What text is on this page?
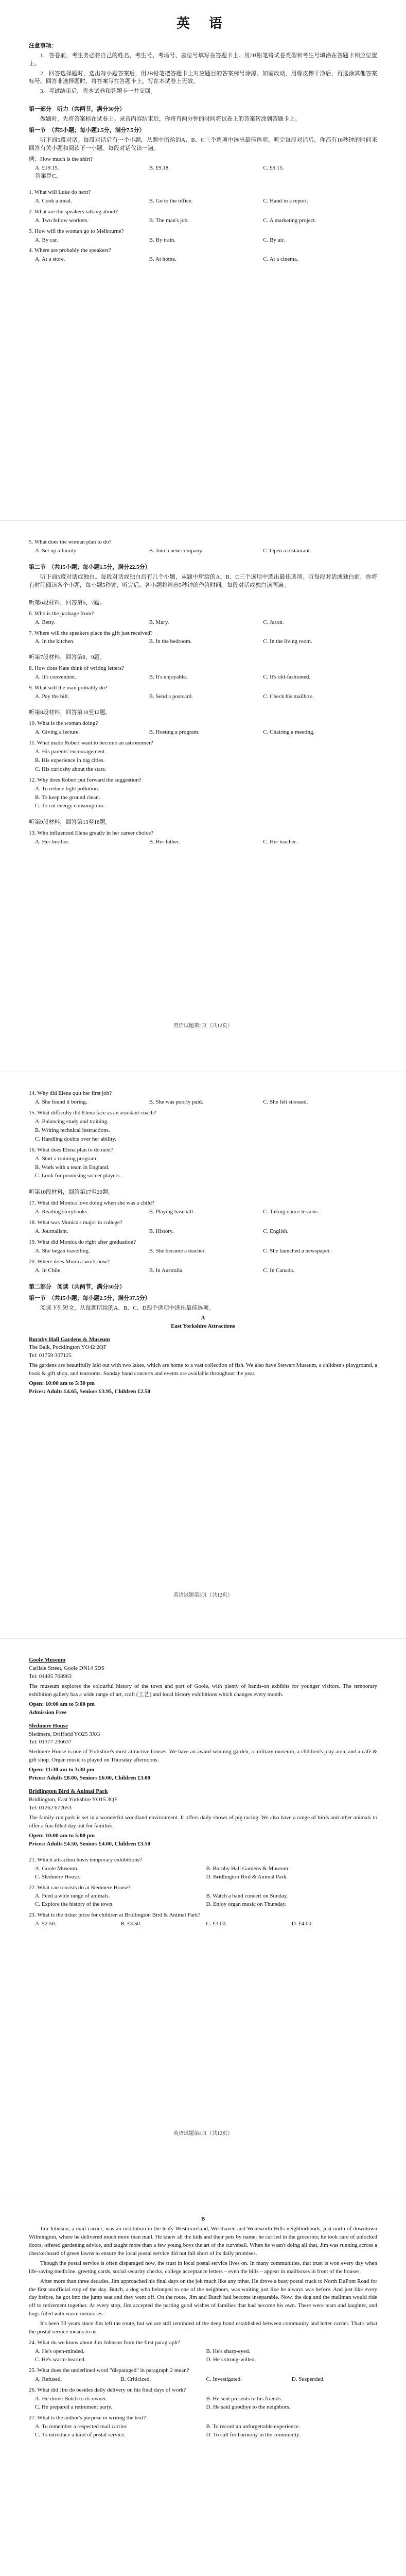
英 语
注意事项：
1．答卷前，考生务必将自己的姓名、考生号、考场号、座位号填写在答题卡上。用2B铅笔将试卷类型和考生号填涂在答题卡相应位置上。
2．回答选择题时，选出每小题答案后，用2B铅笔把答题卡上对应题目的答案标号涂黑。如需改动，用橡皮擦干净后，再选涂其他答案标号。回答非选择题时，将答案写在答题卡上，写在本试卷上无效。
3．考试结束后，将本试卷和答题卡一并交回。
第一部分　听力（共两节，满分30分）
做题时，先将答案标在试卷上。录音内容结束后，你将有两分钟的时间将试卷上的答案转涂到答题卡上。
第一节　（共5小题；每小题1.5分，满分7.5分）
听下面5段对话。每段对话后有一个小题，从题中所给的A、B、C三个选项中选出最佳选项。听完每段对话后，你都有10秒钟的时间来回答有关小题和阅读下一小题。每段对话仅读一遍。
例：How much is the shirt?
A. £19.15.	B. £9.18.	C. £9.15.
答案是C。
1. What will Luke do next?
A. Cook a meal.	B. Go to the office.	C. Hand in a report.
2. What are the speakers talking about?
A. Two fellow workers.	B. The man's job.	C. A marketing project.
3. How will the woman go to Melbourne?
A. By car.	B. By train.	C. By air.
4. Where are probably the speakers?
A. At a store.	B. At home.	C. At a cinema.
5. What does the woman plan to do?
A. Set up a family.	B. Join a new company.	C. Open a restaurant.
第二节　（共15小题；每小题1.5分，满分22.5分）
听下面5段对话或独白。每段对话或独白后有几个小题，从题中所给的A、B、C三个选项中选出最佳选项。听每段对话或独白前，你将有时间阅读各个小题，每小题5秒钟；听完后，各小题将给出5秒钟的作答时间。每段对话或独白读两遍。
听第6段材料，回答第6、7题。
6. Who is the package from?
A. Betty.	B. Mary.	C. Jason.
7. Where will the speakers place the gift just received?
A. In the kitchen.	B. In the bedroom.	C. In the living room.
听第7段材料，回答第8、9题。
8. How does Kate think of writing letters?
A. It's convenient.	B. It's enjoyable.	C. It's old-fashioned.
9. What will the man probably do?
A. Pay the bill.	B. Send a postcard.	C. Check his mailbox.
听第8段材料，回答第10至12题。
10. What is the woman doing?
A. Giving a lecture.	B. Hosting a program.	C. Chairing a meeting.
11. What made Robert want to become an astronomer?
A. His parents' encouragement.
B. His experience in big cities.
C. His curiosity about the stars.
12. Why does Robert put forward the suggestion?
A. To reduce light pollution.
B. To keep the ground clean.
C. To cut energy consumption.
听第9段材料，回答第13至16题。
13. Who influenced Elena greatly in her career choice?
A. Her brother.	B. Her father.	C. Her teacher.
英语试题第2页（共12页）
14. Why did Elena quit her first job?
A. She found it boring.	B. She was poorly paid.	C. She felt stressed.
15. What difficulty did Elena face as an assistant coach?
A. Balancing study and training.
B. Writing technical instructions.
C. Handling doubts over her ability.
16. What does Elena plan to do next?
A. Start a training program.
B. Work with a team in England.
C. Look for promising soccer players.
听第10段材料，回答第17至20题。
17. What did Monica love doing when she was a child?
A. Reading storybooks.	B. Playing baseball.	C. Taking dance lessons.
18. What was Monica's major in college?
A. Journalism.	B. History.	C. English.
19. What did Monica do right after graduation?
A. She began travelling.	B. She became a teacher.	C. She launched a newspaper.
20. Where does Monica work now?
A. In Chile.	B. In Australia.	C. In Canada.
第二部分　阅读（共两节，满分50分）
第一节　（共15小题；每小题2.5分，满分37.5分）
阅读下列短文，从每题所给的A、B、C、D四个选项中选出最佳选项。
A
East Yorkshire Attractions
Burnby Hall Gardens & Museum
The Balk, Pocklington YO42 2QF
Tel: 01759 307125
The gardens are beautifully laid out with two lakes, which are home to a vast collection of fish. We also have Stewart Museum, a children's playground, a book & gift shop, and tearooms. Sunday band concerts and events are available throughout the year.
Open: 10:00 am to 5:30 pm
Prices: Adults £4.65, Seniors £3.95, Children £2.50
英语试题第3页（共12页）
Goole Museum
Carlisle Street, Goole DN14 5DS
Tel: 01405 768963
The museum explores the colourful history of the town and port of Goole, with plenty of hands-on exhibits for younger visitors. The temporary exhibition gallery has a wide range of art, craft (工艺) and local history exhibitions which changes every month.
Open: 10:00 am to 5:00 pm
Admission Free
Sledmere House
Sledmere, Driffield YO25 3XG
Tel: 01377 236637
Sledmere House is one of Yorkshire's most attractive houses. We have an award-winning garden, a military museum, a children's play area, and a café & gift shop. Organ music is played on Thursday afternoons.
Open: 11:30 am to 3:30 pm
Prices: Adults £8.00, Seniors £6.00, Children £3.00
Bridlington Bird & Animal Park
Bridlington, East Yorkshire YO15 3QF
Tel: 01262 672653
The family-run park is set in a wonderful woodland environment. It offers daily shows of pig racing. We also have a range of birds and other animals to offer a fun-filled day out for families.
Open: 10:00 am to 5:00 pm
Prices: Adults £4.50, Seniors £4.00, Children £3.50
21. Which attraction hosts temporary exhibitions?
A. Goole Museum.	B. Burnby Hall Gardens & Museum.
C. Sledmere House.	D. Bridlington Bird & Animal Park.
22. What can tourists do at Sledmere House?
A. Feed a wide range of animals.	B. Watch a band concert on Sunday.
C. Explore the history of the town.	D. Enjoy organ music on Thursday.
23. What is the ticket price for children at Bridlington Bird & Animal Park?
A. £2.50.	B. £3.50.	C. £3.00.	D. £4.00.
英语试题第4页（共12页）
B
Jim Johnson, a mail carrier, was an institution in the leafy Westmoreland, Westhaven and Wentworth Hills neighborhoods, just north of downtown Wilmington, where he delivered much more than mail. He knew all the kids and their pets by name; he carried in the groceries; he took care of unlocked doors, offered gardening advice, and taught more than a few young boys the art of the curveball. When he wasn't doing all that, Jim was running across a checkerboard of green lawns to ensure the local postal service did not fall short of its daily promises.
Though the postal service is often disparaged now, the trust in local postal service lives on. In many communities, that trust is won every day when life-saving medicine, greeting cards, social security checks, college acceptance letters – even the bills – appear in mailboxes in front of the houses.
After more than three decades, Jim approached his final days on the job much like any other. He drove a busy postal truck to North DuPont Road for the first unofficial stop of the day. Butch, a dog who belonged to one of the neighbors, was waiting just like he always was before. And just like every day before, he got into the jump seat and they went off. On the route, Jim and Butch had become inseparable. Now, the dog and the mailman would ride off to retirement together. At every stop, Jim accepted the parting good wishes of families that had become his own. There were tears and laughter, and hugs filled with warm memories.
It's been 33 years since Jim left the route, but we are still reminded of the deep bond established between community and letter carrier. That's what the postal service means to us.
24. What do we know about Jim Johnson from the first paragraph?
A. He's open-minded.	B. He's sharp-eyed.
C. He's warm-hearted.	D. He's strong-willed.
25. What does the underlined word "disparaged" in paragraph 2 mean?
A. Refused.	B. Criticized.	C. Investigated.	D. Suspended.
26. What did Jim do besides daily delivery on his final days of work?
A. He drove Butch to its owner.	B. He sent presents to his friends.
C. He prepared a retirement party.	D. He said goodbye to the neighbors.
27. What is the author's purpose in writing the text?
A. To remember a respected mail carrier.	B. To record an unforgettable experience.
C. To introduce a kind of postal service.	D. To call for harmony in the community.
